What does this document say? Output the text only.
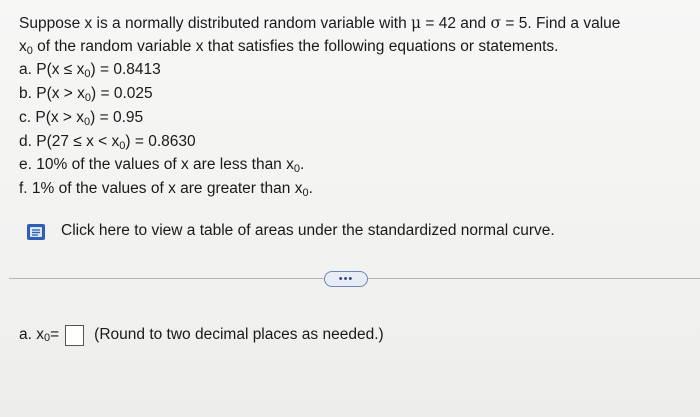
Suppose x is a normally distributed random variable with μ = 42 and σ = 5. Find a value
x0 of the random variable x that satisfies the following equations or statements.
a. P(x ≤ x0) = 0.8413
b. P(x > x0) = 0.025
c. P(x > x0) = 0.95
d. P(27 ≤ x < x0) = 0.8630
e. 10% of the values of x are less than x0.
f. 1% of the values of x are greater than x0.
Click here to view a table of areas under the standardized normal curve.
•••
a. x 0 = (Round to two decimal places as needed.)
